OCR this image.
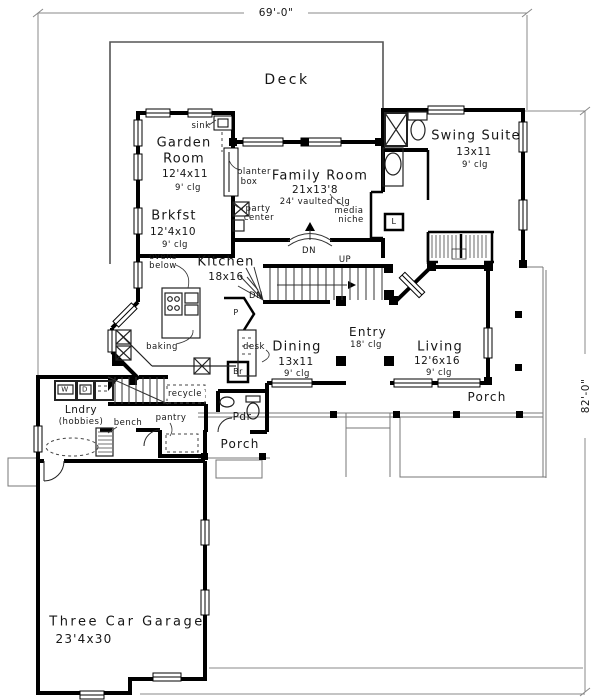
69'-0"
82'-0"
Deck
sink
Garden
Room
12'4x11
9' clg
planter
box Family Room
21x13'8
24' vaulted clg
media
niche
Swing Suite
13x11
9' clg
Brkfst
12'4x10
9' clg
party
center
ovens
below Kitchen
18x16
DN
UP
DN
baking	desk
P
Br
L
Dining
13x11
9' clg
Entry
18' clg	Living
12'6x16
9' clg
Porch
Porch
Pdr
Lndry
(hobbies) bench pantry
recycle
W D
Three Car Garage
23'4x30
